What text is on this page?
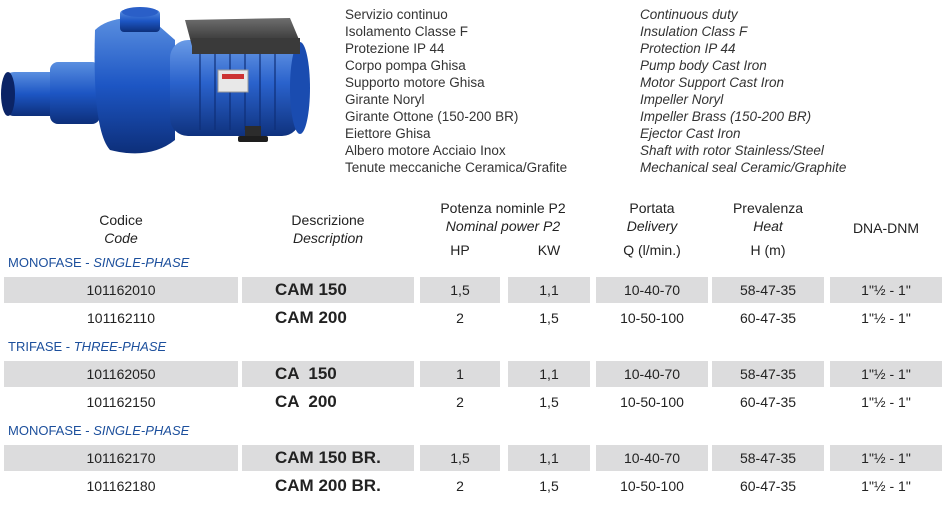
Servizio continuo
Isolamento Classe F
Protezione IP 44
Corpo pompa Ghisa
Supporto motore Ghisa
Girante Noryl
Girante Ottone (150-200 BR)
Eiettore Ghisa
Albero motore Acciaio Inox
Tenute meccaniche Ceramica/Grafite
Continuous duty
Insulation Class F
Protection IP 44
Pump body Cast Iron
Motor Support Cast Iron
Impeller Noryl
Impeller Brass (150-200 BR)
Ejector Cast Iron
Shaft with rotor Stainless/Steel
Mechanical seal Ceramic/Graphite
Codice
Code
Descrizione
Description
Potenza nominle P2
Nominal power P2
HP	KW
Portata
Delivery
Q (l/min.)
Prevalenza
Heat
H (m)
DNA-DNM
MONOFASE - SINGLE-PHASE
101162010	CAM 150	1,5	1,1	10-40-70	58-47-35	1"½ - 1"
101162110	CAM 200	2	1,5	10-50-100	60-47-35	1"½ - 1"
TRIFASE - THREE-PHASE
101162050	CA  150	1	1,1	10-40-70	58-47-35	1"½ - 1"
101162150	CA  200	2	1,5	10-50-100	60-47-35	1"½ - 1"
MONOFASE - SINGLE-PHASE
101162170	CAM 150 BR.	1,5	1,1	10-40-70	58-47-35	1"½ - 1"
101162180	CAM 200 BR.	2	1,5	10-50-100	60-47-35	1"½ - 1"
